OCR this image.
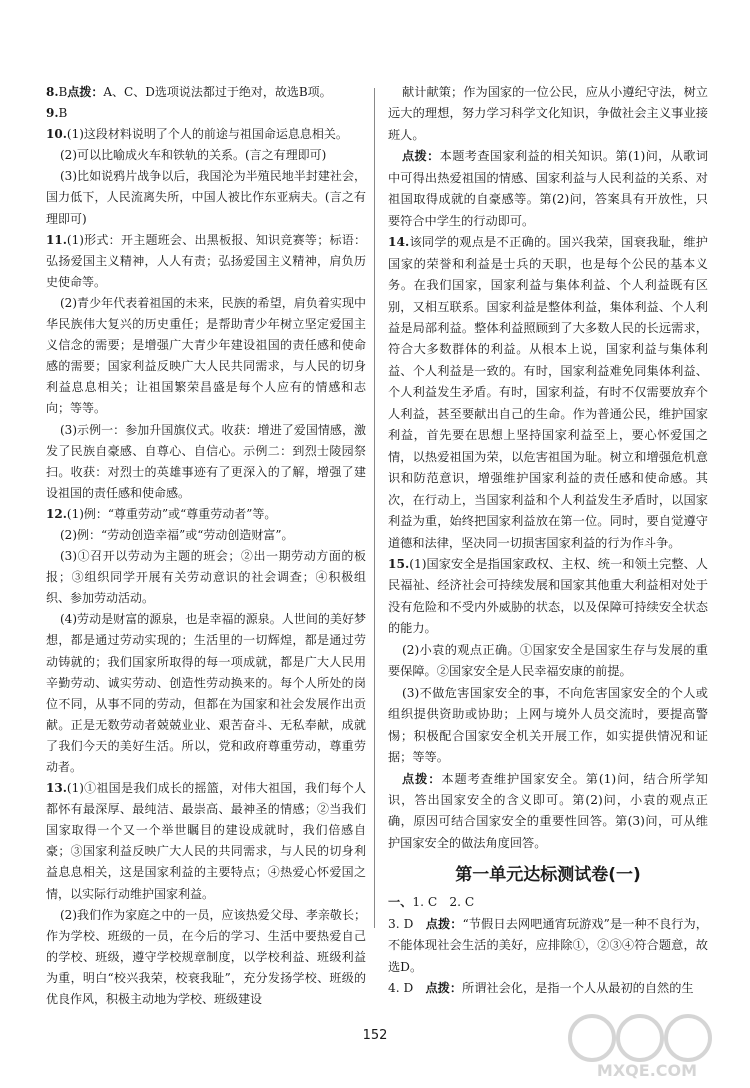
8.B点拨：A、C、D选项说法都过于绝对，故选B项。

9.B

10.(1)这段材料说明了个人的前途与祖国命运息息相关。

(2)可以比喻成火车和铁轨的关系。(言之有理即可)

(3)比如说鸦片战争以后，我国沦为半殖民地半封建社会，国力低下，人民流离失所，中国人被比作东亚病夫。(言之有理即可)

11.(1)形式：开主题班会、出黑板报、知识竞赛等；标语：弘扬爱国主义精神，人人有责；弘扬爱国主义精神，肩负历史使命等。

(2)青少年代表着祖国的未来，民族的希望，肩负着实现中华民族伟大复兴的历史重任；是帮助青少年树立坚定爱国主义信念的需要；是增强广大青少年建设祖国的责任感和使命感的需要；国家利益反映广大人民共同需求，与人民的切身利益息息相关；让祖国繁荣昌盛是每个人应有的情感和志向；等等。

(3)示例一：参加升国旗仪式。收获：增进了爱国情感，激发了民族自豪感、自尊心、自信心。示例二：到烈士陵园祭扫。收获：对烈士的英雄事迹有了更深入的了解，增强了建设祖国的责任感和使命感。

12.(1)例：“尊重劳动”或“尊重劳动者”等。

(2)例：“劳动创造幸福”或“劳动创造财富”。

(3)①召开以劳动为主题的班会；②出一期劳动方面的板报；③组织同学开展有关劳动意识的社会调查；④积极组织、参加劳动活动。

(4)劳动是财富的源泉，也是幸福的源泉。人世间的美好梦想，都是通过劳动实现的；生活里的一切辉煌，都是通过劳动铸就的；我们国家所取得的每一项成就，都是广大人民用辛勤劳动、诚实劳动、创造性劳动换来的。每个人所处的岗位不同，从事不同的劳动，但都在为国家和社会发展作出贡献。正是无数劳动者兢兢业业、艰苦奋斗、无私奉献，成就了我们今天的美好生活。所以，党和政府尊重劳动，尊重劳动者。

13.(1)①祖国是我们成长的摇篮，对伟大祖国，我们每个人都怀有最深厚、最纯洁、最崇高、最神圣的情感；②当我们国家取得一个又一个举世瞩目的建设成就时，我们倍感自豪；③国家利益反映广大人民的共同需求，与人民的切身利益息息相关，这是国家利益的主要特点；④热爱心怀爱国之情，以实际行动维护国家利益。

(2)我们作为家庭之中的一员，应该热爱父母、孝亲敬长；作为学校、班级的一员，在今后的学习、生活中要热爱自己的学校、班级，遵守学校规章制度，以学校利益、班级利益为重，明白“校兴我荣，校衰我耻”，充分发扬学校、班级的优良作风，积极主动地为学校、班级建设

献计献策；作为国家的一位公民，应从小遵纪守法，树立远大的理想，努力学习科学文化知识，争做社会主义事业接班人。

点拨：本题考查国家利益的相关知识。第(1)问，从歌词中可得出热爱祖国的情感、国家利益与人民利益的关系、对祖国取得成就的自豪感等。第(2)问，答案具有开放性，只要符合中学生的行动即可。

14.该同学的观点是不正确的。国兴我荣，国衰我耻，维护国家的荣誉和利益是士兵的天职，也是每个公民的基本义务。在我们国家，国家利益与集体利益、个人利益既有区别，又相互联系。国家利益是整体利益，集体利益、个人利益是局部利益。整体利益照顾到了大多数人民的长远需求，符合大多数群体的利益。从根本上说，国家利益与集体利益、个人利益是一致的。有时，国家利益难免同集体利益、个人利益发生矛盾。有时，国家利益，有时不仅需要放弃个人利益，甚至要献出自己的生命。作为普通公民，维护国家利益，首先要在思想上坚持国家利益至上，要心怀爱国之情，以热爱祖国为荣，以危害祖国为耻。树立和增强危机意识和防范意识，增强维护国家利益的责任感和使命感。其次，在行动上，当国家利益和个人利益发生矛盾时，以国家利益为重，始终把国家利益放在第一位。同时，要自觉遵守道德和法律，坚决同一切损害国家利益的行为作斗争。

15.(1)国家安全是指国家政权、主权、统一和领土完整、人民福祉、经济社会可持续发展和国家其他重大利益相对处于没有危险和不受内外威胁的状态，以及保障可持续安全状态的能力。

(2)小袁的观点正确。①国家安全是国家生存与发展的重要保障。②国家安全是人民幸福安康的前提。

(3)不做危害国家安全的事，不向危害国家安全的个人或组织提供资助或协助；上网与境外人员交流时，要提高警惕；积极配合国家安全机关开展工作，如实提供情况和证据；等等。

点拨：本题考查维护国家安全。第(1)问，结合所学知识，答出国家安全的含义即可。第(2)问，小袁的观点正确，原因可结合国家安全的重要性回答。第(3)问，可从维护国家安全的做法角度回答。

第一单元达标测试卷(一)

一、1. C　2. C

3. D　点拨：“节假日去网吧通宵玩游戏”是一种不良行为，不能体现社会生活的美好，应排除①，②③④符合题意，故选D。

4. D　点拨：所谓社会化，是指一个人从最初的自然的生

152
MXQE.COM
